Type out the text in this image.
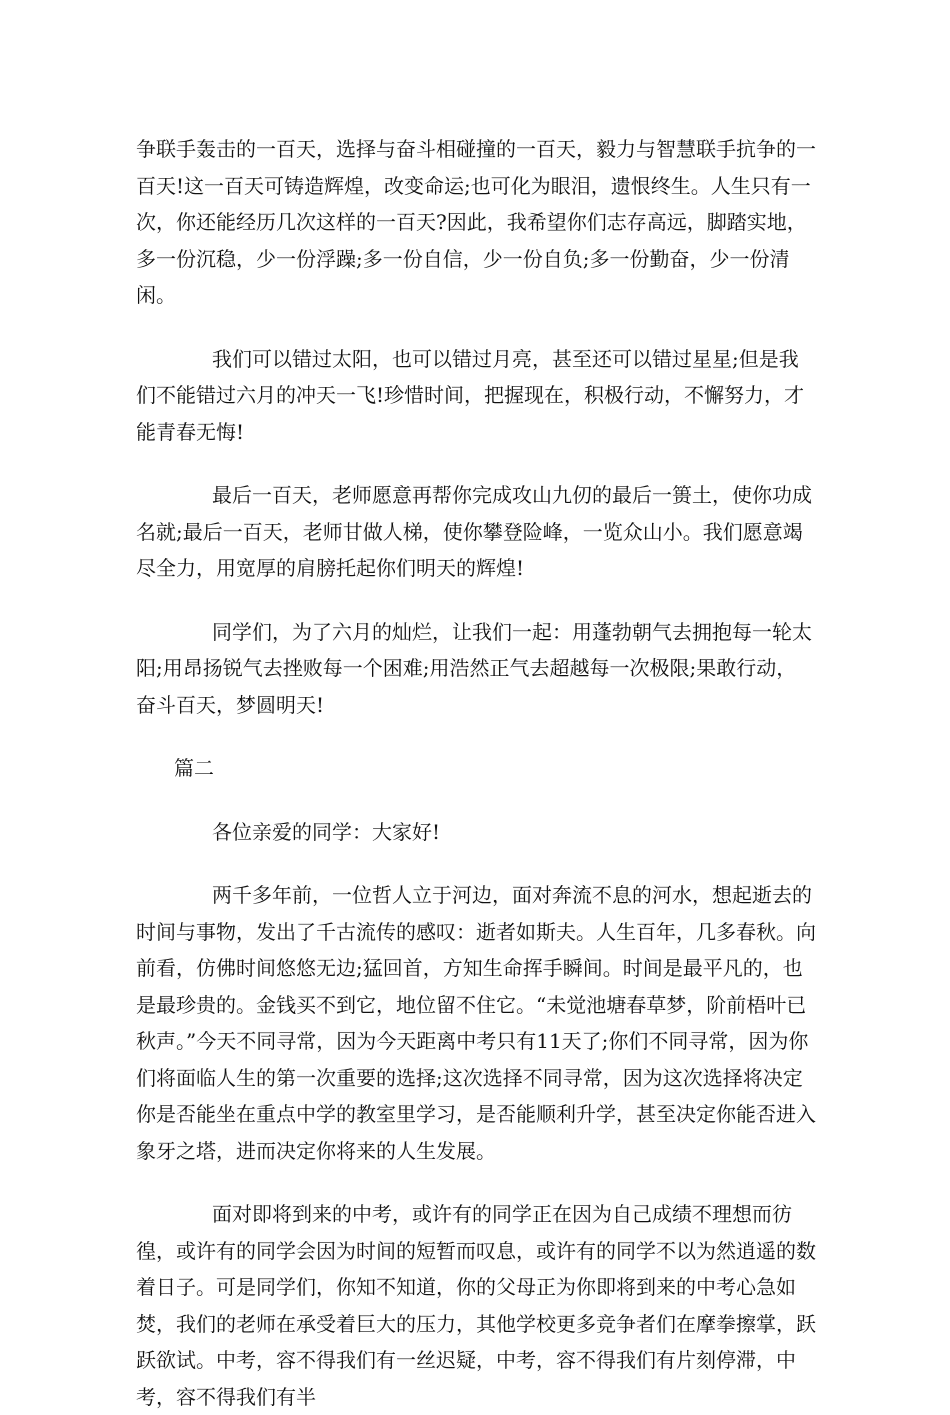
争联手轰击的一百天，选择与奋斗相碰撞的一百天，毅力与智慧联手抗争的一百天!这一百天可铸造辉煌，改变命运;也可化为眼泪，遗恨终生。人生只有一次，你还能经历几次这样的一百天?因此，我希望你们志存高远，脚踏实地，多一份沉稳，少一份浮躁;多一份自信，少一份自负;多一份勤奋，少一份清闲。

我们可以错过太阳，也可以错过月亮，甚至还可以错过星星;但是我们不能错过六月的冲天一飞!珍惜时间，把握现在，积极行动，不懈努力，才能青春无悔!

最后一百天，老师愿意再帮你完成攻山九仞的最后一篑土，使你功成名就;最后一百天，老师甘做人梯，使你攀登险峰，一览众山小。我们愿意竭尽全力，用宽厚的肩膀托起你们明天的辉煌!

同学们，为了六月的灿烂，让我们一起：用蓬勃朝气去拥抱每一轮太阳;用昂扬锐气去挫败每一个困难;用浩然正气去超越每一次极限;果敢行动，奋斗百天，梦圆明天!

篇二

各位亲爱的同学：大家好!

两千多年前，一位哲人立于河边，面对奔流不息的河水，想起逝去的时间与事物，发出了千古流传的感叹：逝者如斯夫。人生百年，几多春秋。向前看，仿佛时间悠悠无边;猛回首，方知生命挥手瞬间。时间是最平凡的，也是最珍贵的。金钱买不到它，地位留不住它。“未觉池塘春草梦，阶前梧叶已秋声。”今天不同寻常，因为今天距离中考只有11天了;你们不同寻常，因为你们将面临人生的第一次重要的选择;这次选择不同寻常，因为这次选择将决定你是否能坐在重点中学的教室里学习，是否能顺利升学，甚至决定你能否进入象牙之塔，进而决定你将来的人生发展。

面对即将到来的中考，或许有的同学正在因为自己成绩不理想而彷徨，或许有的同学会因为时间的短暂而叹息，或许有的同学不以为然逍遥的数着日子。可是同学们，你知不知道，你的父母正为你即将到来的中考心急如焚，我们的老师在承受着巨大的压力，其他学校更多竞争者们在摩拳擦掌，跃跃欲试。中考，容不得我们有一丝迟疑，中考，容不得我们有片刻停滞，中考，容不得我们有半
